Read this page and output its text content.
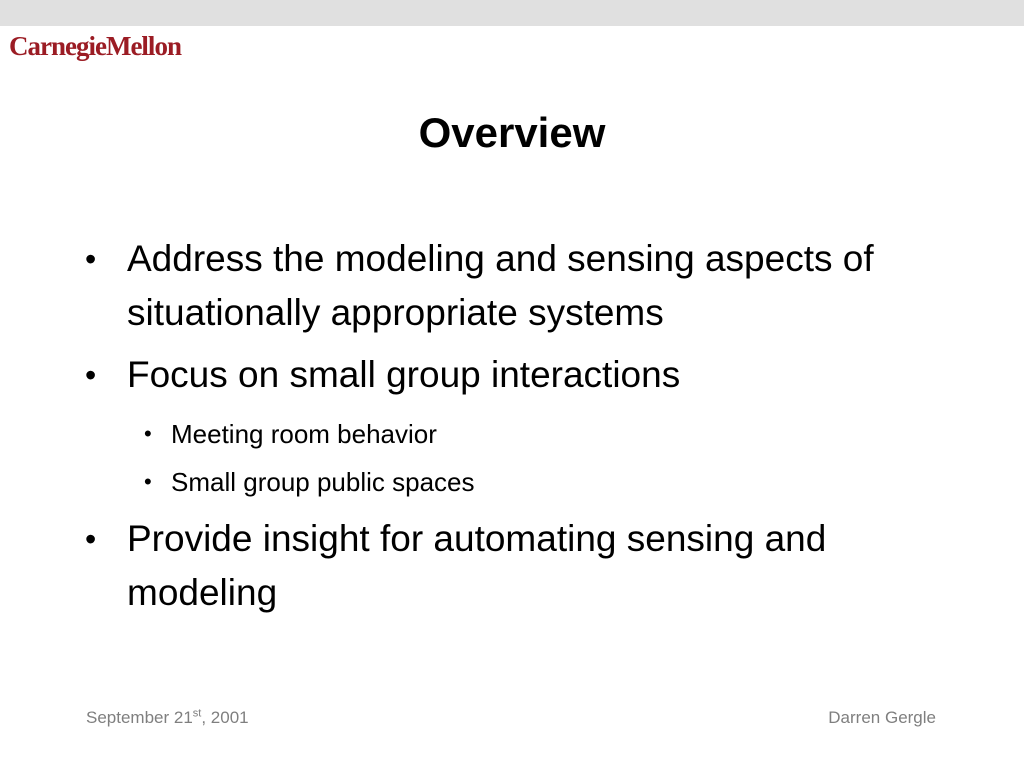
CarnegieMellon
Overview
• Address the modeling and sensing aspects of situationally appropriate systems
• Focus on small group interactions
• Meeting room behavior
• Small group public spaces
• Provide insight for automating sensing and modeling
September 21st, 2001	Darren Gergle
